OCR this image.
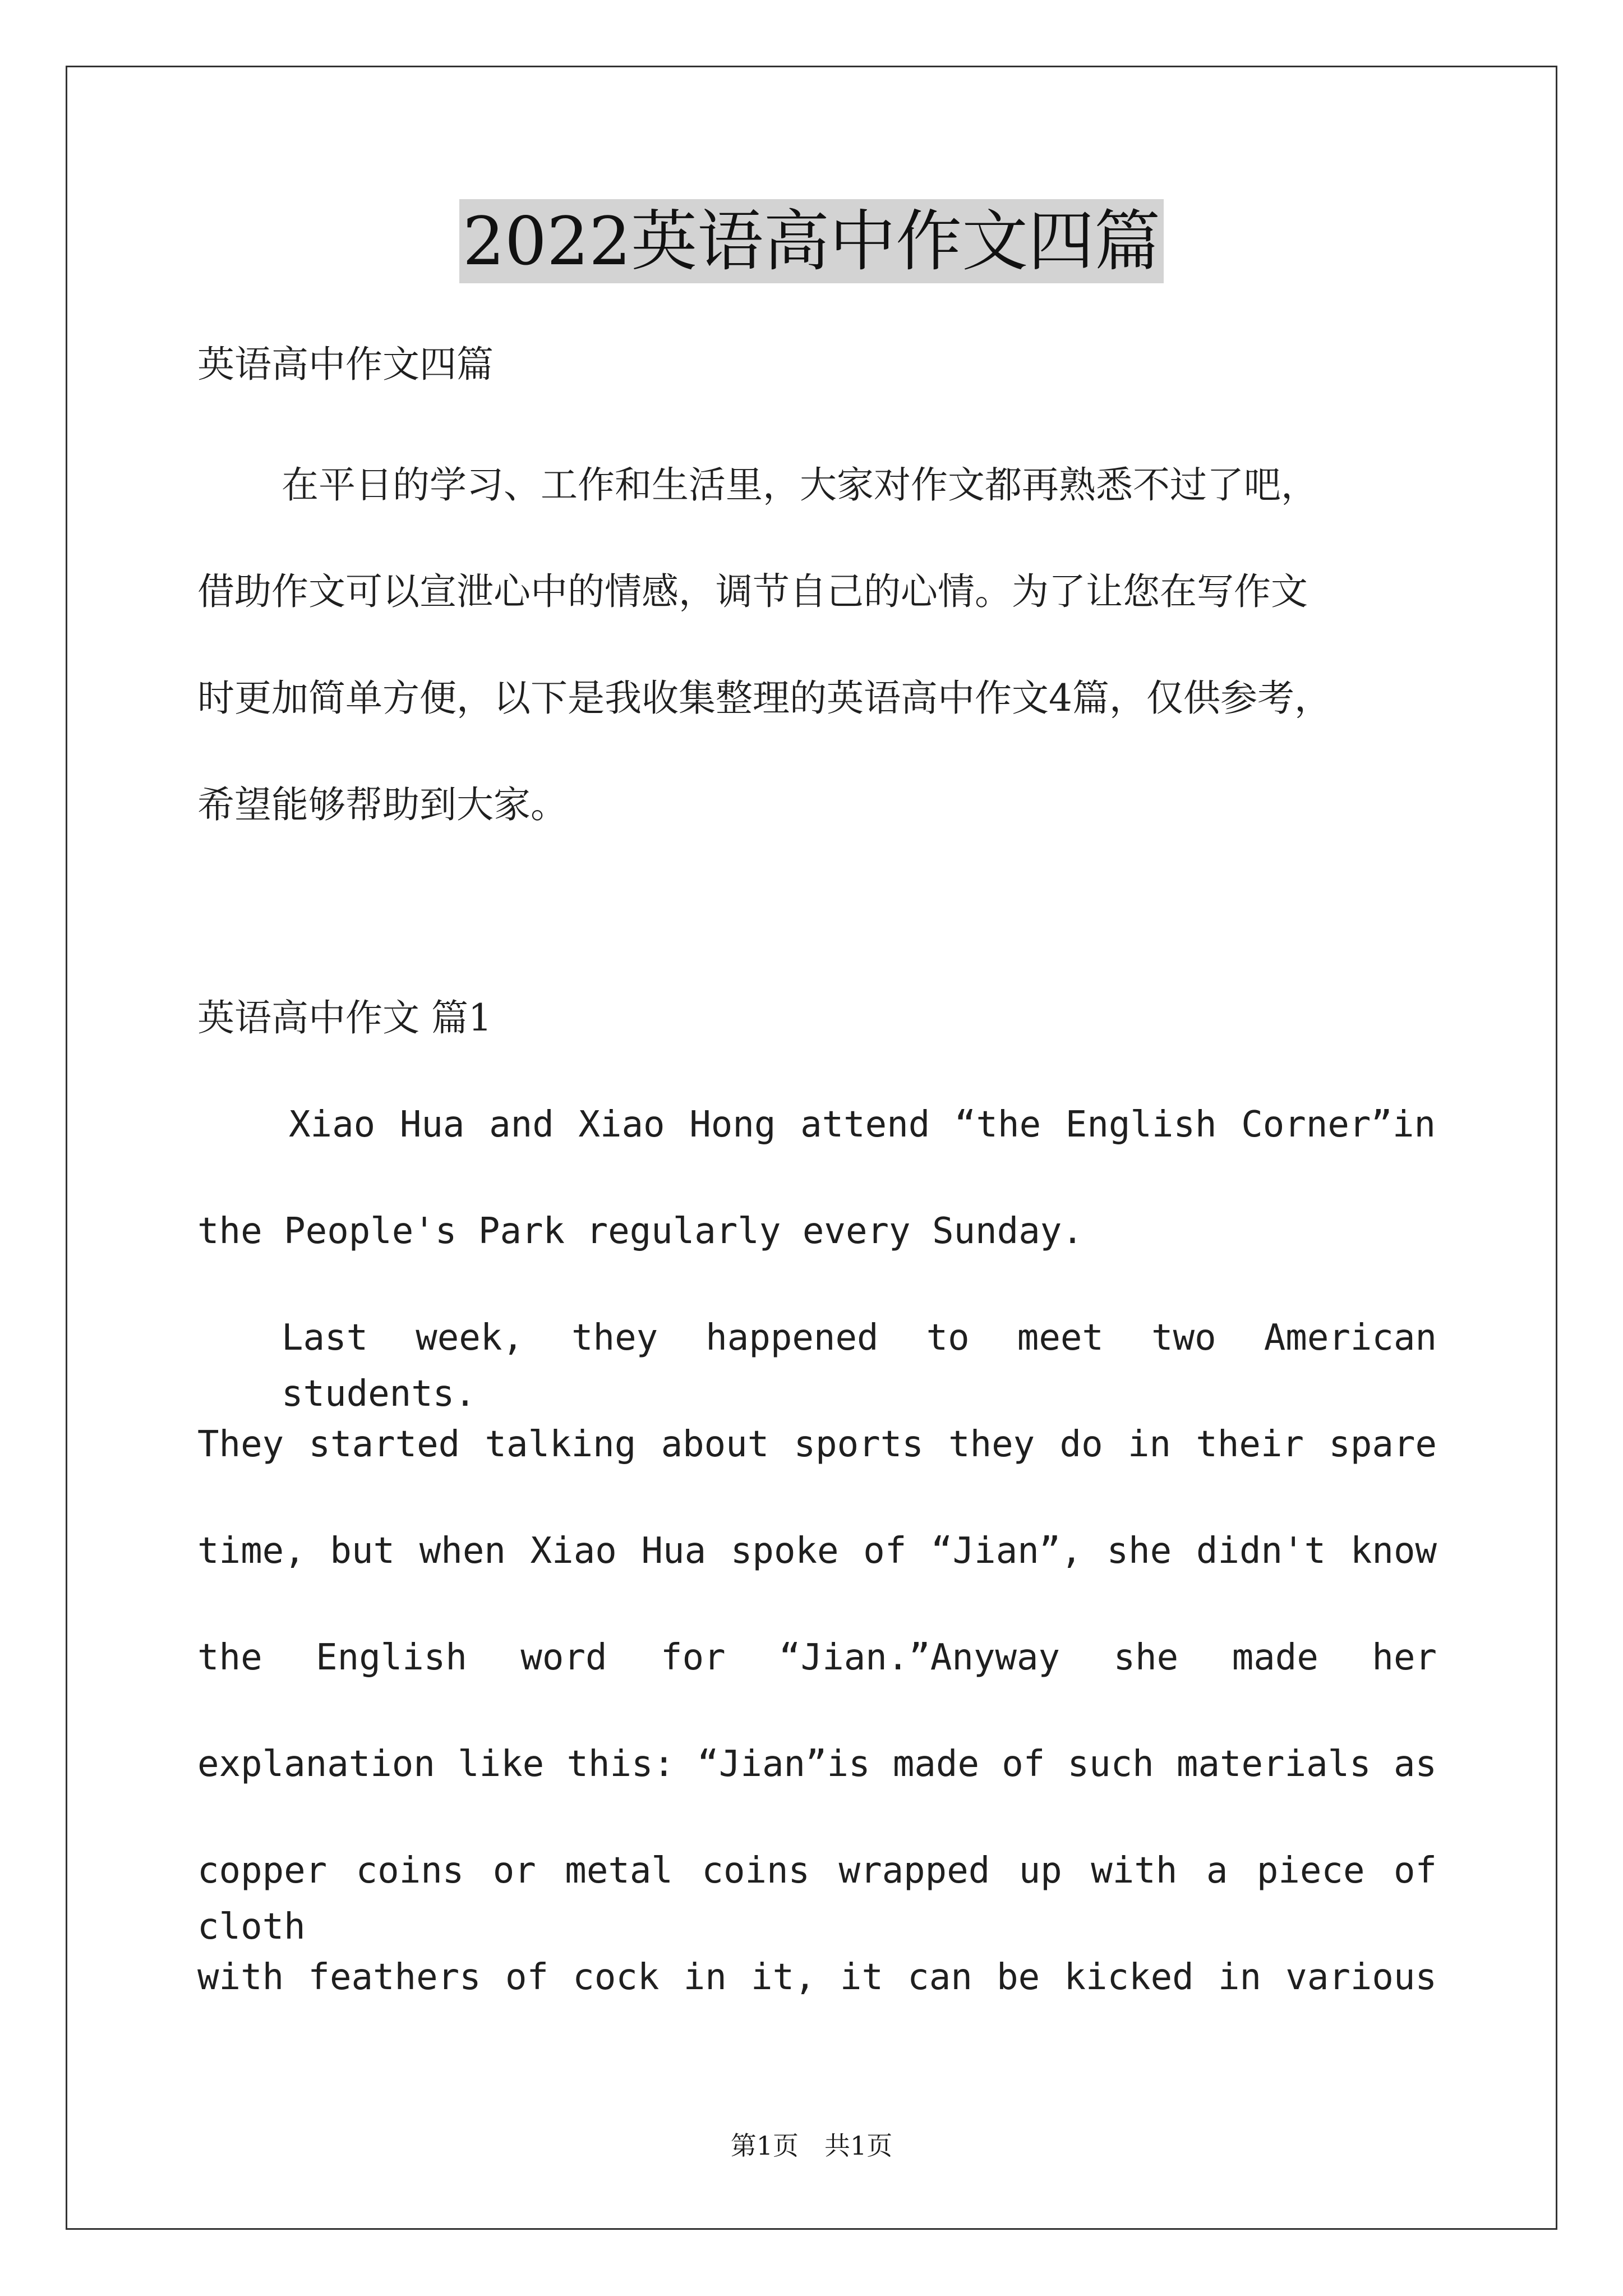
2022英语高中作文四篇

英语高中作文四篇

在平日的学习、工作和生活里，大家对作文都再熟悉不过了吧，

借助作文可以宣泄心中的情感，调节自己的心情。为了让您在写作文

时更加简单方便，以下是我收集整理的英语高中作文4篇，仅供参考，

希望能够帮助到大家。

英语高中作文 篇1

Xiao Hua and Xiao Hong attend “the English Corner”in

the People's Park regularly every Sunday.

Last week, they happened to meet two American students.

They started talking about sports they do in their spare

time, but when Xiao Hua spoke of “Jian”, she didn't know

the English word for “Jian.”Anyway she made her

explanation like this: “Jian”is made of such materials as

copper coins or metal coins wrapped up with a piece of cloth

with feathers of cock in it, it can be kicked in various

第1页　共1页
